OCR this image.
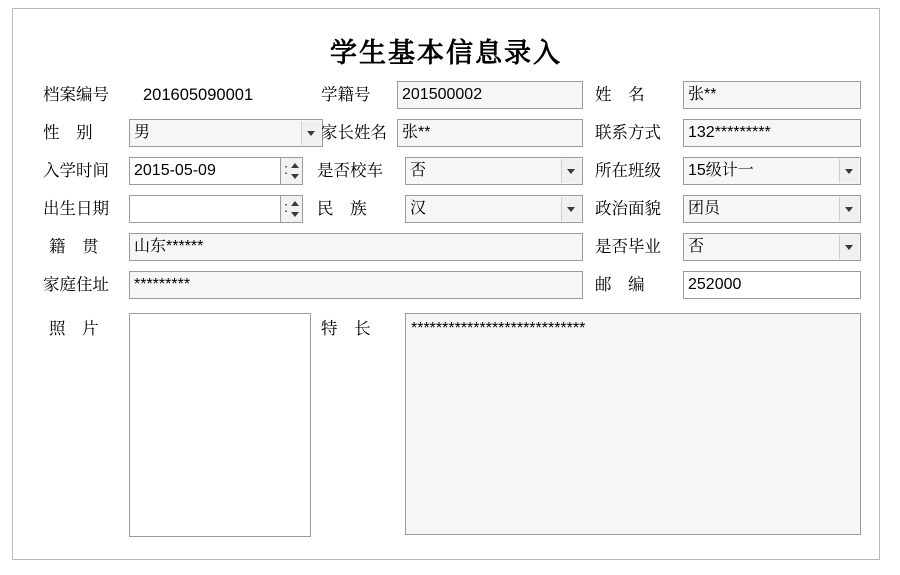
学生基本信息录入
档案编号 201605090001	学籍号	201500002	姓 名	张**
性 别 男	家长姓名 张**	联系方式	132*********
入学时间	2015-05-09	: 是否校车 否	所在班级 15级计一
出生日期	: 民 族 汉	政治面貌 团员
籍 贯	山东******	是否毕业 否
家庭住址	*********	邮 编	252000
照 片	特 长	****************************
